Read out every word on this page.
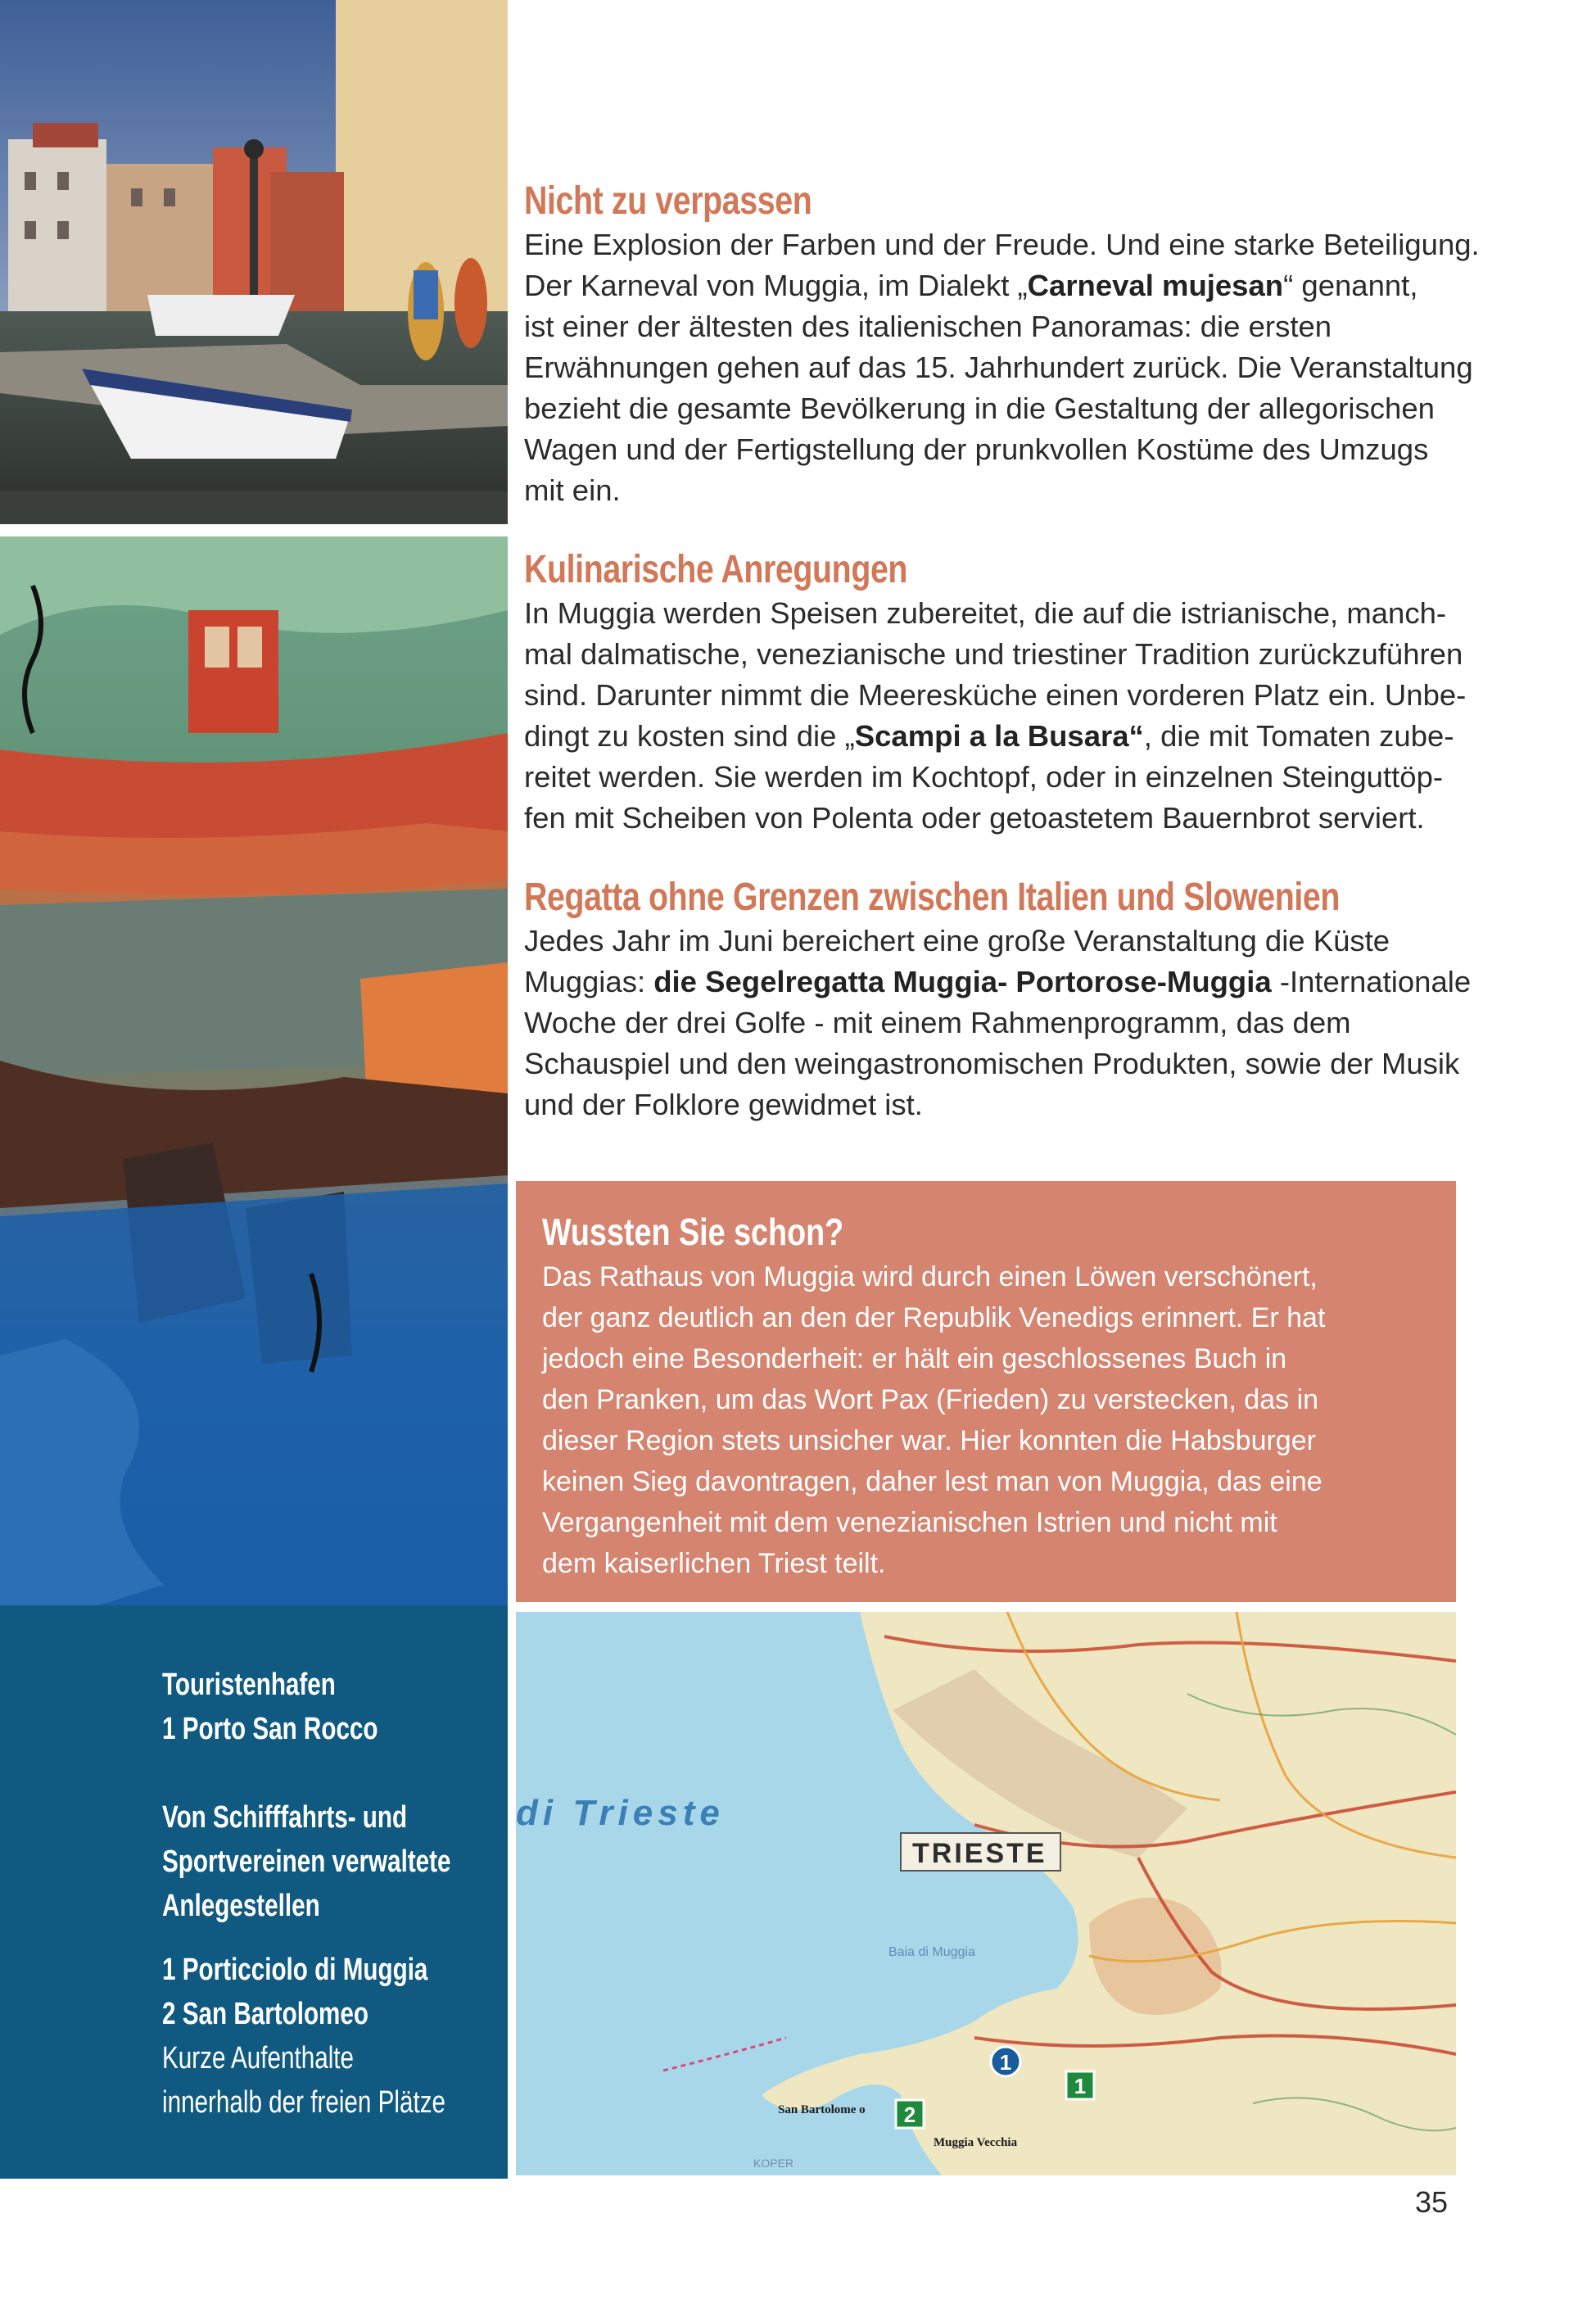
Nicht zu verpassen

Eine Explosion der Farben und der Freude. Und eine starke Beteiligung.
Der Karneval von Muggia, im Dialekt „Carneval mujesan“ genannt,
ist einer der ältesten des italienischen Panoramas: die ersten
Erwähnungen gehen auf das 15. Jahrhundert zurück. Die Veranstaltung
bezieht die gesamte Bevölkerung in die Gestaltung der allegorischen
Wagen und der Fertigstellung der prunkvollen Kostüme des Umzugs
mit ein.

Kulinarische Anregungen

In Muggia werden Speisen zubereitet, die auf die istrianische, manch-
mal dalmatische, venezianische und triestiner Tradition zurückzuführen
sind. Darunter nimmt die Meeresküche einen vorderen Platz ein. Unbe-
dingt zu kosten sind die „Scampi a la Busara“, die mit Tomaten zube-
reitet werden. Sie werden im Kochtopf, oder in einzelnen Steinguttöp-
fen mit Scheiben von Polenta oder getoastetem Bauernbrot serviert.

Regatta ohne Grenzen zwischen Italien und Slowenien

Jedes Jahr im Juni bereichert eine große Veranstaltung die Küste
Muggias: die Segelregatta Muggia- Portorose-Muggia -Internationale
Woche der drei Golfe - mit einem Rahmenprogramm, das dem
Schauspiel und den weingastronomischen Produkten, sowie der Musik
und der Folklore gewidmet ist.

Wussten Sie schon?

Das Rathaus von Muggia wird durch einen Löwen verschönert,
der ganz deutlich an den der Republik Venedigs erinnert. Er hat
jedoch eine Besonderheit: er hält ein geschlossenes Buch in
den Pranken, um das Wort Pax (Frieden) zu verstecken, das in
dieser Region stets unsicher war. Hier konnten die Habsburger
keinen Sieg davontragen, daher lest man von Muggia, das eine
Vergangenheit mit dem venezianischen Istrien und nicht mit
dem kaiserlichen Triest teilt.

Touristenhafen
1 Porto San Rocco
Von Schifffahrts- und
Sportvereinen verwaltete
Anlegestellen
1 Porticciolo di Muggia
2 San Bartolomeo
Kurze Aufenthalte
innerhalb der freien Plätze
di Trieste
TRIESTE
Baia di Muggia
San Bartolome o
Muggia Vecchia
KOPER
1
1
2
35
